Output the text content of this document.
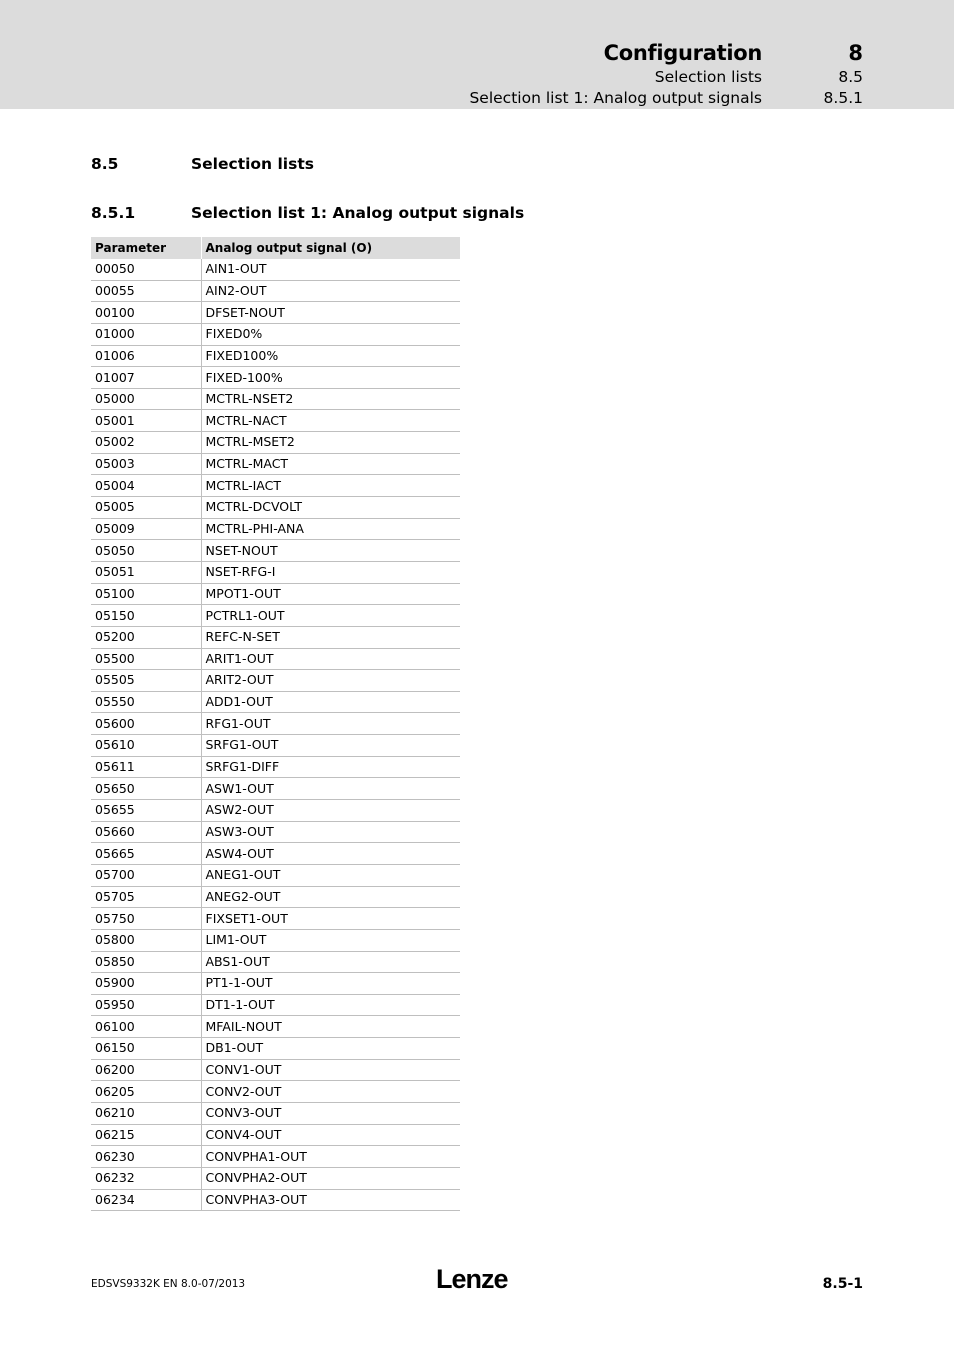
Configuration	8
Selection lists	8.5
Selection list 1: Analog output signals	8.5.1
8.5	Selection lists
8.5.1	Selection list 1: Analog output signals
Parameter	Analog output signal (O)
00050	AIN1-OUT
00055	AIN2-OUT
00100	DFSET-NOUT
01000	FIXED0%
01006	FIXED100%
01007	FIXED-100%
05000	MCTRL-NSET2
05001	MCTRL-NACT
05002	MCTRL-MSET2
05003	MCTRL-MACT
05004	MCTRL-IACT
05005	MCTRL-DCVOLT
05009	MCTRL-PHI-ANA
05050	NSET-NOUT
05051	NSET-RFG-I
05100	MPOT1-OUT
05150	PCTRL1-OUT
05200	REFC-N-SET
05500	ARIT1-OUT
05505	ARIT2-OUT
05550	ADD1-OUT
05600	RFG1-OUT
05610	SRFG1-OUT
05611	SRFG1-DIFF
05650	ASW1-OUT
05655	ASW2-OUT
05660	ASW3-OUT
05665	ASW4-OUT
05700	ANEG1-OUT
05705	ANEG2-OUT
05750	FIXSET1-OUT
05800	LIM1-OUT
05850	ABS1-OUT
05900	PT1-1-OUT
05950	DT1-1-OUT
06100	MFAIL-NOUT
06150	DB1-OUT
06200	CONV1-OUT
06205	CONV2-OUT
06210	CONV3-OUT
06215	CONV4-OUT
06230	CONVPHA1-OUT
06232	CONVPHA2-OUT
06234	CONVPHA3-OUT
EDSVS9332K EN 8.0-07/2013	Lenze	8.5-1
